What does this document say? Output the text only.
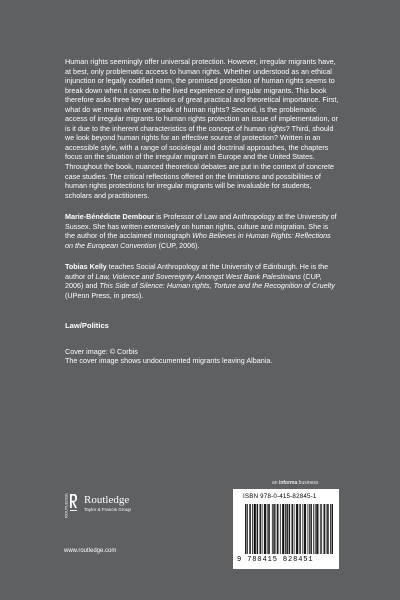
Human rights seemingly offer universal protection. However, irregular migrants have, at best, only problematic access to human rights. Whether understood as an ethical injunction or legally codified norm, the promised protection of human rights seems to break down when it comes to the lived experience of irregular migrants. This book therefore asks three key questions of great practical and theoretical importance. First, what do we mean when we speak of human rights? Second, is the problematic access of irregular migrants to human rights protection an issue of implementation, or is it due to the inherent characteristics of the concept of human rights? Third, should we look beyond human rights for an effective source of protection? Written in an accessible style, with a range of sociolegal and doctrinal approaches, the chapters focus on the situation of the irregular migrant in Europe and the United States. Throughout the book, nuanced theoretical debates are put in the context of concrete case studies. The critical reflections offered on the limitations and possibilities of human rights protections for irregular migrants will be invaluable for students, scholars and practitioners.

Marie-Bénédicte Dembour is Professor of Law and Anthropology at the University of Sussex. She has written extensively on human rights, culture and migration. She is the author of the acclaimed monograph Who Believes in Human Rights: Reflections on the European Convention (CUP, 2006).

Tobias Kelly teaches Social Anthropology at the University of Edinburgh. He is the author of Law, Violence and Sovereignty Amongst West Bank Palestinians (CUP, 2006) and This Side of Silence: Human rights, Torture and the Recognition of Cruelty (UPenn Press, in press).

Law/Politics
Cover image: © Corbis
The cover image shows undocumented migrants leaving Albania.
an informa business
ROUTLEDGE Routledge
Taylor & Francis Group
www.routledge.com
ISBN 978-0-415-82845-1
9 780415 828451
